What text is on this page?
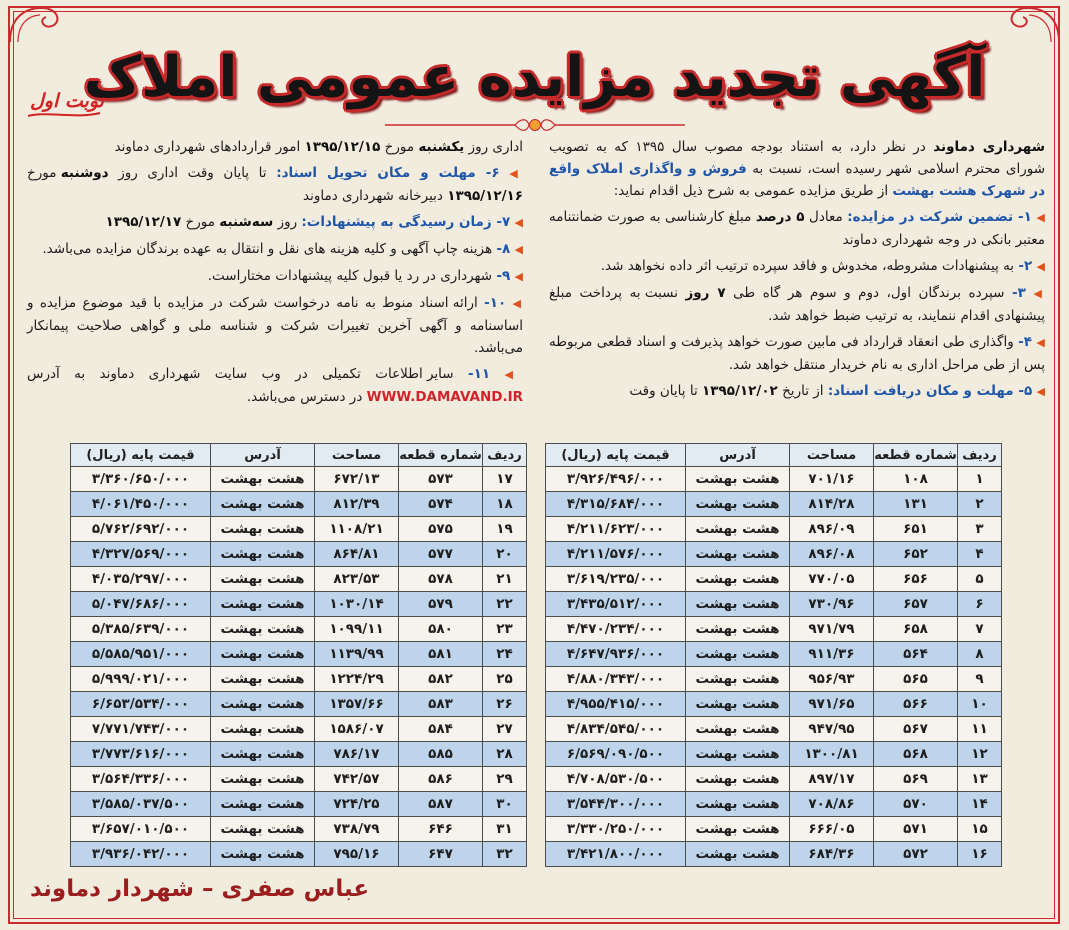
آگهی تجدید مزایده عمومی املاک
نوبت اول

شهرداری دماوند در نظر دارد، به استناد بودجه مصوب سال ۱۳۹۵ که به تصویب شورای محترم اسلامی شهر رسیده است، نسبت به فروش و واگذاری املاک واقع در شهرک هشت بهشت از طریق مزایده عمومی به شرح ذیل اقدام نماید:

◀ ۱- تضمین شرکت در مزایده: معادل ۵ درصد مبلغ کارشناسی به صورت ضمانتنامه معتبر بانکی در وجه شهرداری دماوند

◀ ۲- به پیشنهادات مشروطه، مخدوش و فاقد سپرده ترتیب اثر داده نخواهد شد.

◀ ۳- سپرده برندگان اول، دوم و سوم هر گاه طی ۷ روز نسبت به پرداخت مبلغ پیشنهادی اقدام ننمایند، به ترتیب ضبط خواهد شد.

◀ ۴- واگذاری طی انعقاد قرارداد فی مابین صورت خواهد پذیرفت و اسناد قطعی مربوطه پس از طی مراحل اداری به نام خریدار منتقل خواهد شد.

◀ ۵- مهلت و مکان دریافت اسناد: از تاریخ ۱۳۹۵/۱۲/۰۲ تا پایان وقت

اداری روز یکشنبه مورخ ۱۳۹۵/۱۲/۱۵ امور قراردادهای شهرداری دماوند

◀ ۶- مهلت و مکان تحویل اسناد: تا پایان وقت اداری روز دوشنبه مورخ ۱۳۹۵/۱۲/۱۶ دبیرخانه شهرداری دماوند

◀ ۷- زمان رسیدگی به پیشنهادات: روز سه‌شنبه مورخ ۱۳۹۵/۱۲/۱۷

◀ ۸- هزینه چاپ آگهی و کلیه هزینه های نقل و انتقال به عهده برندگان مزایده می‌باشد.

◀ ۹- شهرداری در رد یا قبول کلیه پیشنهادات مختاراست.

◀ ۱۰- ارائه اسناد منوط به نامه درخواست شرکت در مزایده با قید موضوع مزایده و اساسنامه و آگهی آخرین تغییرات شرکت و شناسه ملی و گواهی صلاحیت پیمانکار می‌باشد.

◀ ۱۱- سایر اطلاعات تکمیلی در وب سایت شهرداری دماوند به آدرس WWW.DAMAVAND.IR در دسترس می‌باشد.

ردیف	شماره قطعه	مساحت	آدرس	قیمت پایه (ریال)
۱	۱۰۸	۷۰۱/۱۶	هشت بهشت	۳/۹۲۶/۴۹۶/۰۰۰
۲	۱۳۱	۸۱۴/۲۸	هشت بهشت	۴/۳۱۵/۶۸۴/۰۰۰
۳	۶۵۱	۸۹۶/۰۹	هشت بهشت	۴/۲۱۱/۶۲۳/۰۰۰
۴	۶۵۲	۸۹۶/۰۸	هشت بهشت	۴/۲۱۱/۵۷۶/۰۰۰
۵	۶۵۶	۷۷۰/۰۵	هشت بهشت	۳/۶۱۹/۲۳۵/۰۰۰
۶	۶۵۷	۷۳۰/۹۶	هشت بهشت	۳/۴۳۵/۵۱۲/۰۰۰
۷	۶۵۸	۹۷۱/۷۹	هشت بهشت	۴/۴۷۰/۲۳۴/۰۰۰
۸	۵۶۴	۹۱۱/۳۶	هشت بهشت	۴/۶۴۷/۹۳۶/۰۰۰
۹	۵۶۵	۹۵۶/۹۳	هشت بهشت	۴/۸۸۰/۳۴۳/۰۰۰
۱۰	۵۶۶	۹۷۱/۶۵	هشت بهشت	۴/۹۵۵/۴۱۵/۰۰۰
۱۱	۵۶۷	۹۴۷/۹۵	هشت بهشت	۴/۸۳۴/۵۴۵/۰۰۰
۱۲	۵۶۸	۱۳۰۰/۸۱	هشت بهشت	۶/۵۶۹/۰۹۰/۵۰۰
۱۳	۵۶۹	۸۹۷/۱۷	هشت بهشت	۴/۷۰۸/۵۳۰/۵۰۰
۱۴	۵۷۰	۷۰۸/۸۶	هشت بهشت	۳/۵۴۴/۳۰۰/۰۰۰
۱۵	۵۷۱	۶۶۶/۰۵	هشت بهشت	۳/۳۳۰/۲۵۰/۰۰۰
۱۶	۵۷۲	۶۸۴/۳۶	هشت بهشت	۳/۴۲۱/۸۰۰/۰۰۰
ردیف	شماره قطعه	مساحت	آدرس	قیمت پایه (ریال)
۱۷	۵۷۳	۶۷۲/۱۳	هشت بهشت	۳/۳۶۰/۶۵۰/۰۰۰
۱۸	۵۷۴	۸۱۲/۳۹	هشت بهشت	۴/۰۶۱/۴۵۰/۰۰۰
۱۹	۵۷۵	۱۱۰۸/۲۱	هشت بهشت	۵/۷۶۲/۶۹۲/۰۰۰
۲۰	۵۷۷	۸۶۴/۸۱	هشت بهشت	۴/۳۲۷/۵۶۹/۰۰۰
۲۱	۵۷۸	۸۲۳/۵۳	هشت بهشت	۴/۰۳۵/۲۹۷/۰۰۰
۲۲	۵۷۹	۱۰۳۰/۱۴	هشت بهشت	۵/۰۴۷/۶۸۶/۰۰۰
۲۳	۵۸۰	۱۰۹۹/۱۱	هشت بهشت	۵/۳۸۵/۶۳۹/۰۰۰
۲۴	۵۸۱	۱۱۳۹/۹۹	هشت بهشت	۵/۵۸۵/۹۵۱/۰۰۰
۲۵	۵۸۲	۱۲۲۴/۲۹	هشت بهشت	۵/۹۹۹/۰۲۱/۰۰۰
۲۶	۵۸۳	۱۳۵۷/۶۶	هشت بهشت	۶/۶۵۳/۵۳۴/۰۰۰
۲۷	۵۸۴	۱۵۸۶/۰۷	هشت بهشت	۷/۷۷۱/۷۴۳/۰۰۰
۲۸	۵۸۵	۷۸۶/۱۷	هشت بهشت	۳/۷۷۳/۶۱۶/۰۰۰
۲۹	۵۸۶	۷۴۲/۵۷	هشت بهشت	۳/۵۶۴/۳۳۶/۰۰۰
۳۰	۵۸۷	۷۲۴/۲۵	هشت بهشت	۳/۵۸۵/۰۳۷/۵۰۰
۳۱	۶۴۶	۷۳۸/۷۹	هشت بهشت	۳/۶۵۷/۰۱۰/۵۰۰
۳۲	۶۴۷	۷۹۵/۱۶	هشت بهشت	۳/۹۳۶/۰۴۲/۰۰۰
عباس صفری – شهردار دماوند
